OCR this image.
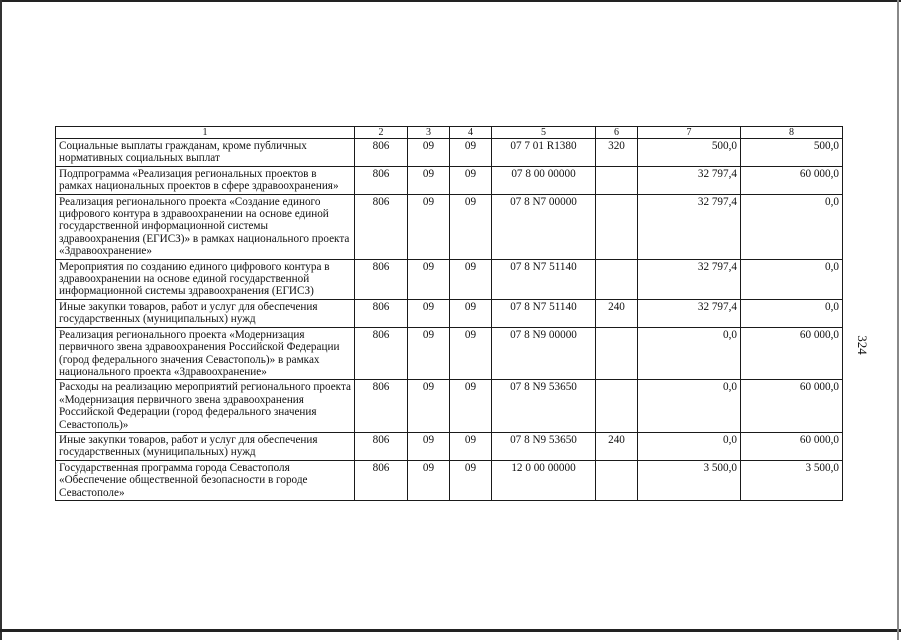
1	2	3	4	5	6	7	8
Социальные выплаты гражданам, кроме публичных нормативных социальных выплат	806	09	09	07 7 01 R1380	320	500,0	500,0
Подпрограмма «Реализация региональных проектов в рамках национальных проектов в сфере здравоохранения»	806	09	09	07 8 00 00000		32 797,4	60 000,0
Реализация регионального проекта «Создание единого цифрового контура в здравоохранении на основе единой государственной информационной системы здравоохранения (ЕГИСЗ)» в рамках национального проекта «Здравоохранение»	806	09	09	07 8 N7 00000		32 797,4	0,0
Мероприятия по созданию единого цифрового контура в здравоохранении на основе единой государственной информационной системы здравоохранения (ЕГИСЗ)	806	09	09	07 8 N7 51140		32 797,4	0,0
Иные закупки товаров, работ и услуг для обеспечения государственных (муниципальных) нужд	806	09	09	07 8 N7 51140	240	32 797,4	0,0
Реализация регионального проекта «Модернизация первичного звена здравоохранения Российской Федерации (город федерального значения Севастополь)» в рамках национального проекта «Здравоохранение»	806	09	09	07 8 N9 00000		0,0	60 000,0
Расходы на реализацию мероприятий регионального проекта «Модернизация первичного звена здравоохранения Российской Федерации (город федерального значения Севастополь)»	806	09	09	07 8 N9 53650		0,0	60 000,0
Иные закупки товаров, работ и услуг для обеспечения государственных (муниципальных) нужд	806	09	09	07 8 N9 53650	240	0,0	60 000,0
Государственная программа города Севастополя «Обеспечение общественной безопасности в городе Севастополе»	806	09	09	12 0 00 00000		3 500,0	3 500,0
324
